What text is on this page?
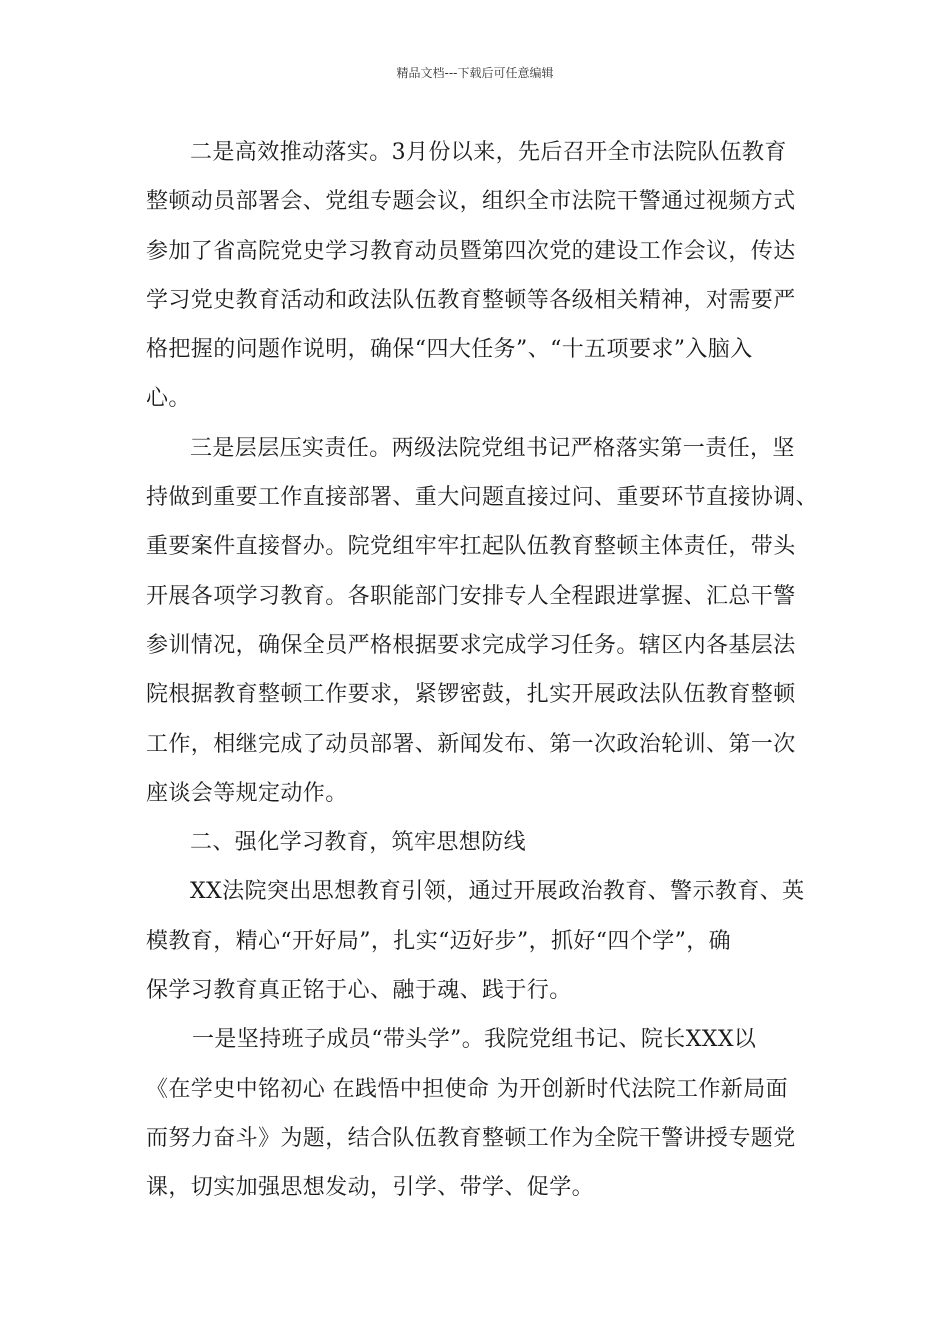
精品文档---下载后可任意编辑
二是高效推动落实。3月份以来，先后召开全市法院队伍教育
整顿动员部署会、党组专题会议，组织全市法院干警通过视频方式
参加了省高院党史学习教育动员暨第四次党的建设工作会议，传达
学习党史教育活动和政法队伍教育整顿等各级相关精神，对需要严
格把握的问题作说明，确保“四大任务”、“十五项要求”入脑入
心。
三是层层压实责任。两级法院党组书记严格落实第一责任，坚
持做到重要工作直接部署、重大问题直接过问、重要环节直接协调、
重要案件直接督办。院党组牢牢扛起队伍教育整顿主体责任，带头
开展各项学习教育。各职能部门安排专人全程跟进掌握、汇总干警
参训情况，确保全员严格根据要求完成学习任务。辖区内各基层法
院根据教育整顿工作要求，紧锣密鼓，扎实开展政法队伍教育整顿
工作，相继完成了动员部署、新闻发布、第一次政治轮训、第一次
座谈会等规定动作。
二、强化学习教育，筑牢思想防线
XX法院突出思想教育引领，通过开展政治教育、警示教育、英
模教育，精心“开好局”，扎实“迈好步”，抓好“四个学”，确
保学习教育真正铭于心、融于魂、践于行。
一是坚持班子成员“带头学”。我院党组书记、院长XXX以
《在学史中铭初心 在践悟中担使命 为开创新时代法院工作新局面
而努力奋斗》为题，结合队伍教育整顿工作为全院干警讲授专题党
课，切实加强思想发动，引学、带学、促学。
